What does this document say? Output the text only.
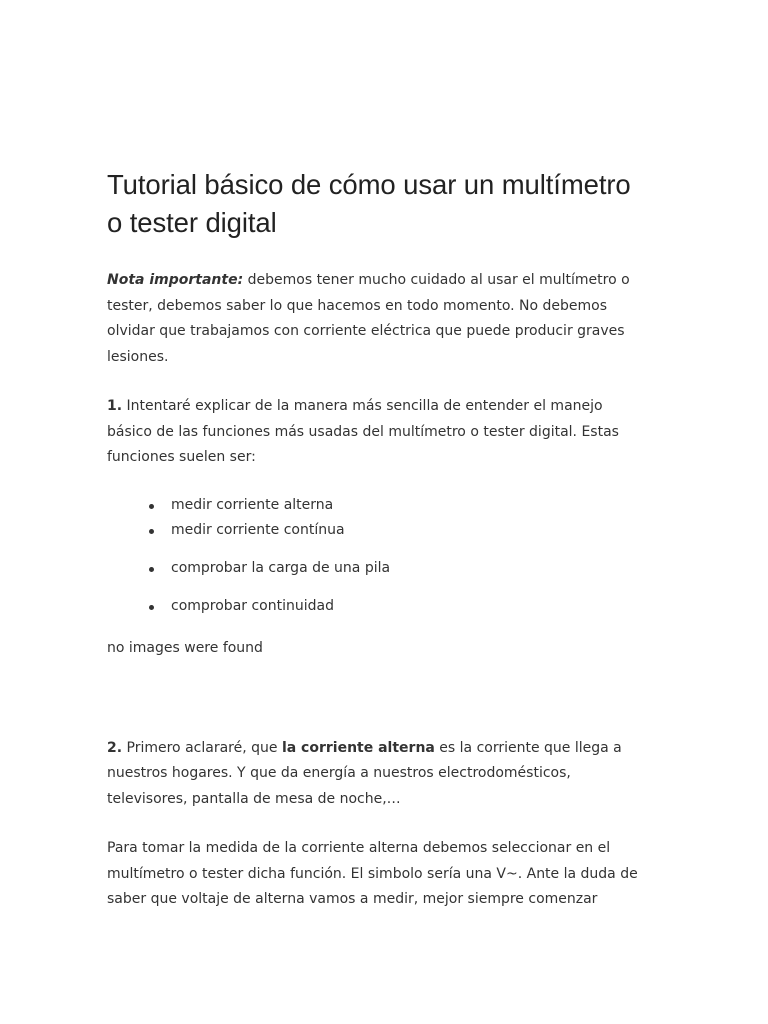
Tutorial básico de cómo usar un multímetro o tester digital

Nota importante: debemos tener mucho cuidado al usar el multímetro o tester, debemos saber lo que hacemos en todo momento. No debemos olvidar que trabajamos con corriente eléctrica que puede producir graves lesiones.

1. Intentaré explicar de la manera más sencilla de entender el manejo básico de las funciones más usadas del multímetro o tester digital. Estas funciones suelen ser:

medir corriente alterna
medir corriente contínua
comprobar la carga de una pila
comprobar continuidad
no images were found

2. Primero aclararé, que la corriente alterna es la corriente que llega a nuestros hogares. Y que da energía a nuestros electrodomésticos, televisores, pantalla de mesa de noche,…

Para tomar la medida de la corriente alterna debemos seleccionar en el multímetro o tester dicha función. El simbolo sería una V~. Ante la duda de saber que voltaje de alterna vamos a medir, mejor siempre comenzar
